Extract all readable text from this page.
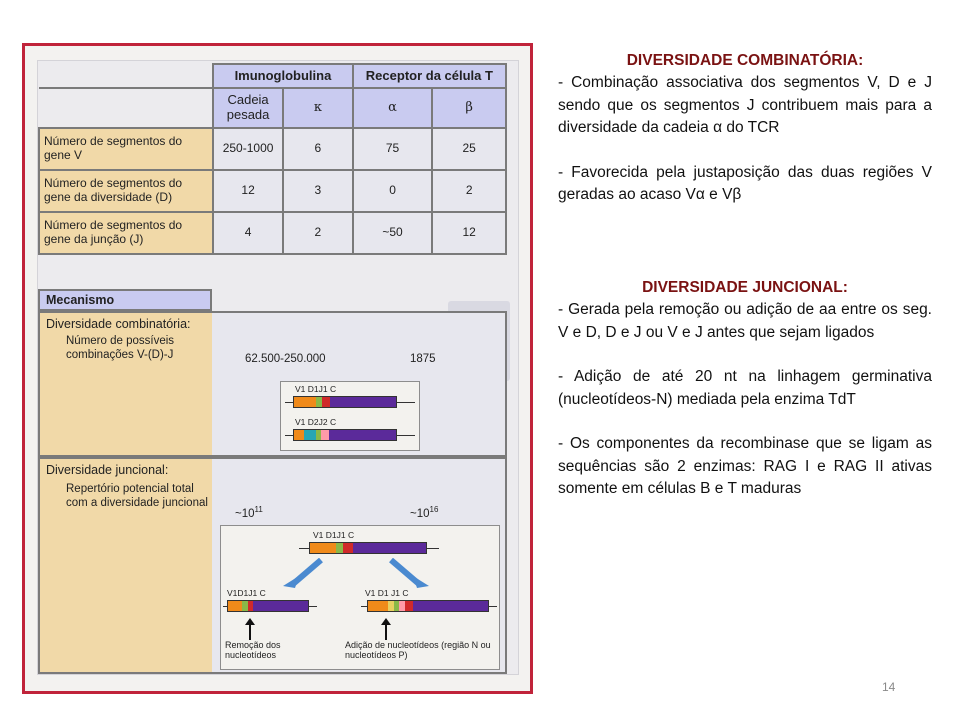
	Imunoglobulina		Receptor da célula T	
	Cadeia pesada	κ	α	β
Número de segmentos do gene V	250-1000	6	75	25
Número de segmentos do gene da diversidade (D)	12	3	0	2
Número de segmentos do gene da junção (J)	4	2	~50	12
Mecanismo
Diversidade combinatória:
Número de possíveis combinações V-(D)-J	62.500-250.000	1875
V1 D1J1 C
V1 D2J2 C
Diversidade juncional:
Repertório potencial total com a diversidade juncional
$\sim 10^{11}$	$\sim 10^{16}$
V1 D1J1 C
V1D1J1 C	V1 D1 J1 C
Remoção dos nucleotídeos
Adição de nucleotídeos (região N ou nucleotídeos P)
DIVERSIDADE COMBINATÓRIA:
- Combinação associativa dos segmentos V, D e J sendo que os segmentos J contribuem mais para a diversidade da cadeia α do TCR
- Favorecida pela justaposição das duas regiões V geradas ao acaso Vα e Vβ
DIVERSIDADE JUNCIONAL:
- Gerada pela remoção ou adição de aa entre os seg. V e D, D e J ou V e J antes que sejam ligados
- Adição de até 20 nt na linhagem germinativa (nucleotídeos-N) mediada pela enzima TdT
- Os componentes da recombinase que se ligam as sequências são 2 enzimas: RAG I e RAG II ativas somente em células B e T maduras
14
